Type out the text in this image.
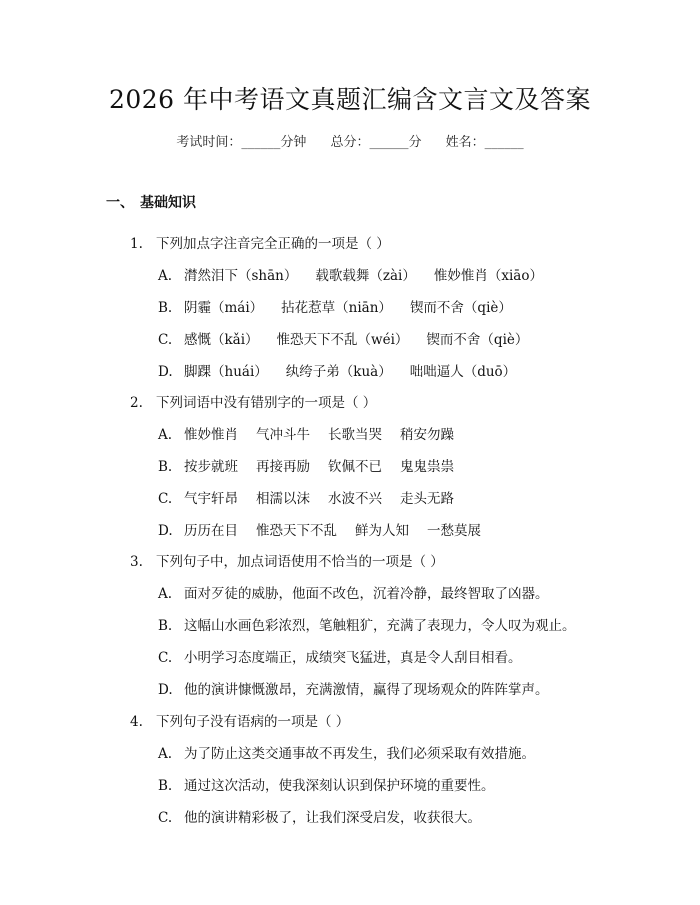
2026 年中考语文真题汇编含文言文及答案
考试时间：______分钟 总分：______分 姓名：______
一、 基础知识
1. 下列加点字注音完全正确的一项是（ ）
A. 潸然泪下（shān） 载歌载舞（zài） 惟妙惟肖（xiāo）
B. 阴霾（mái） 拈花惹草（niān） 锲而不舍（qiè）
C. 感慨（kǎi） 惟恐天下不乱（wéi） 锲而不舍（qiè）
D. 脚踝（huái） 纨绔子弟（kuà） 咄咄逼人（duō）
2. 下列词语中没有错别字的一项是（ ）
A. 惟妙惟肖 气冲斗牛 长歌当哭 稍安勿躁
B. 按步就班 再接再励 钦佩不已 鬼鬼祟祟
C. 气宇轩昂 相濡以沫 水波不兴 走头无路
D. 历历在目 惟恐天下不乱 鲜为人知 一愁莫展
3. 下列句子中，加点词语使用不恰当的一项是（ ）
A. 面对歹徒的威胁，他面不改色，沉着冷静，最终智取了凶器。
B. 这幅山水画色彩浓烈，笔触粗犷，充满了表现力，令人叹为观止。
C. 小明学习态度端正，成绩突飞猛进，真是令人刮目相看。
D. 他的演讲慷慨激昂，充满激情，赢得了现场观众的阵阵掌声。
4. 下列句子没有语病的一项是（ ）
A. 为了防止这类交通事故不再发生，我们必须采取有效措施。
B. 通过这次活动，使我深刻认识到保护环境的重要性。
C. 他的演讲精彩极了，让我们深受启发，收获很大。
